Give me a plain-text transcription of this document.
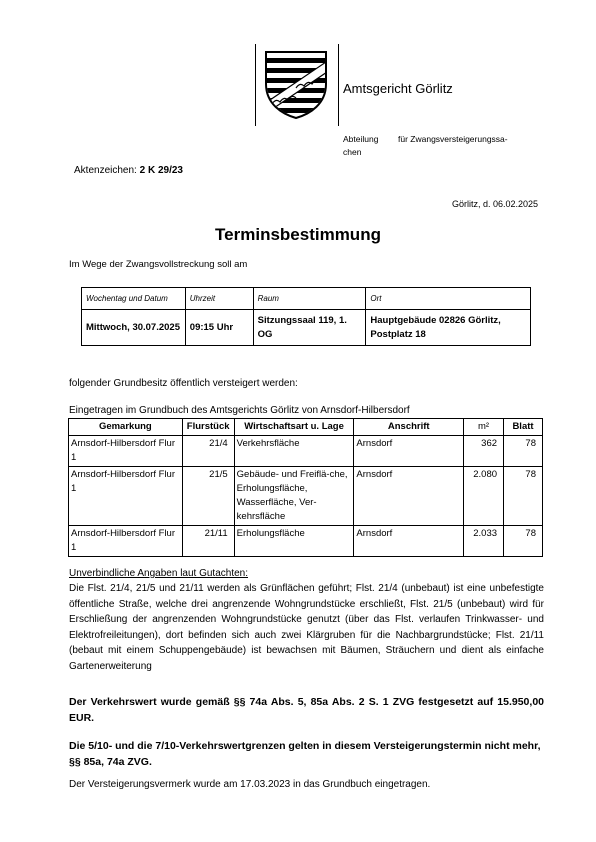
Amtsgericht Görlitz
Abteilung	für Zwangsversteigerungssa-
chen
Aktenzeichen: 2 K 29/23
Görlitz, d. 06.02.2025
Terminsbestimmung
Im Wege der Zwangsvollstreckung soll am
Wochentag und Datum	Uhrzeit	Raum	Ort
Mittwoch, 30.07.2025	09:15 Uhr	Sitzungssaal 119, 1. OG	Hauptgebäude 02826 Görlitz, Postplatz 18
folgender Grundbesitz öffentlich versteigert werden:
Eingetragen im Grundbuch des Amtsgerichts Görlitz von Arnsdorf-Hilbersdorf
Gemarkung	Flurstück	Wirtschaftsart u. Lage	Anschrift	m²	Blatt
Arnsdorf-Hilbersdorf Flur 1	21/4	Verkehrsfläche	Arnsdorf	362	78
Arnsdorf-Hilbersdorf Flur 1	21/5	Gebäude- und Freiflä-che, Erholungsfläche, Wasserfläche, Ver-kehrsfläche	Arnsdorf	2.080	78
Arnsdorf-Hilbersdorf Flur 1	21/11	Erholungsfläche	Arnsdorf	2.033	78
Unverbindliche Angaben laut Gutachten:
Die Flst. 21/4, 21/5 und 21/11 werden als Grünflächen geführt; Flst. 21/4 (unbebaut) ist eine unbefestigte öffentliche Straße, welche drei angrenzende Wohngrundstücke erschließt, Flst. 21/5 (unbebaut) wird für Erschließung der angrenzenden Wohngrundstücke genutzt (über das Flst. verlaufen Trinkwasser- und Elektrofreileitungen), dort befinden sich auch zwei Klärgruben für die Nachbargrundstücke; Flst. 21/11 (bebaut mit einem Schuppengebäude) ist bewachsen mit Bäumen, Sträuchern und dient als einfache Gartenerweiterung
Der Verkehrswert wurde gemäß §§ 74a Abs. 5, 85a Abs. 2 S. 1 ZVG festgesetzt auf 15.950,00 EUR.
Die 5/10- und die 7/10-Verkehrswertgrenzen gelten in diesem Versteigerungstermin nicht mehr, §§ 85a, 74a ZVG.
Der Versteigerungsvermerk wurde am 17.03.2023 in das Grundbuch eingetragen.
